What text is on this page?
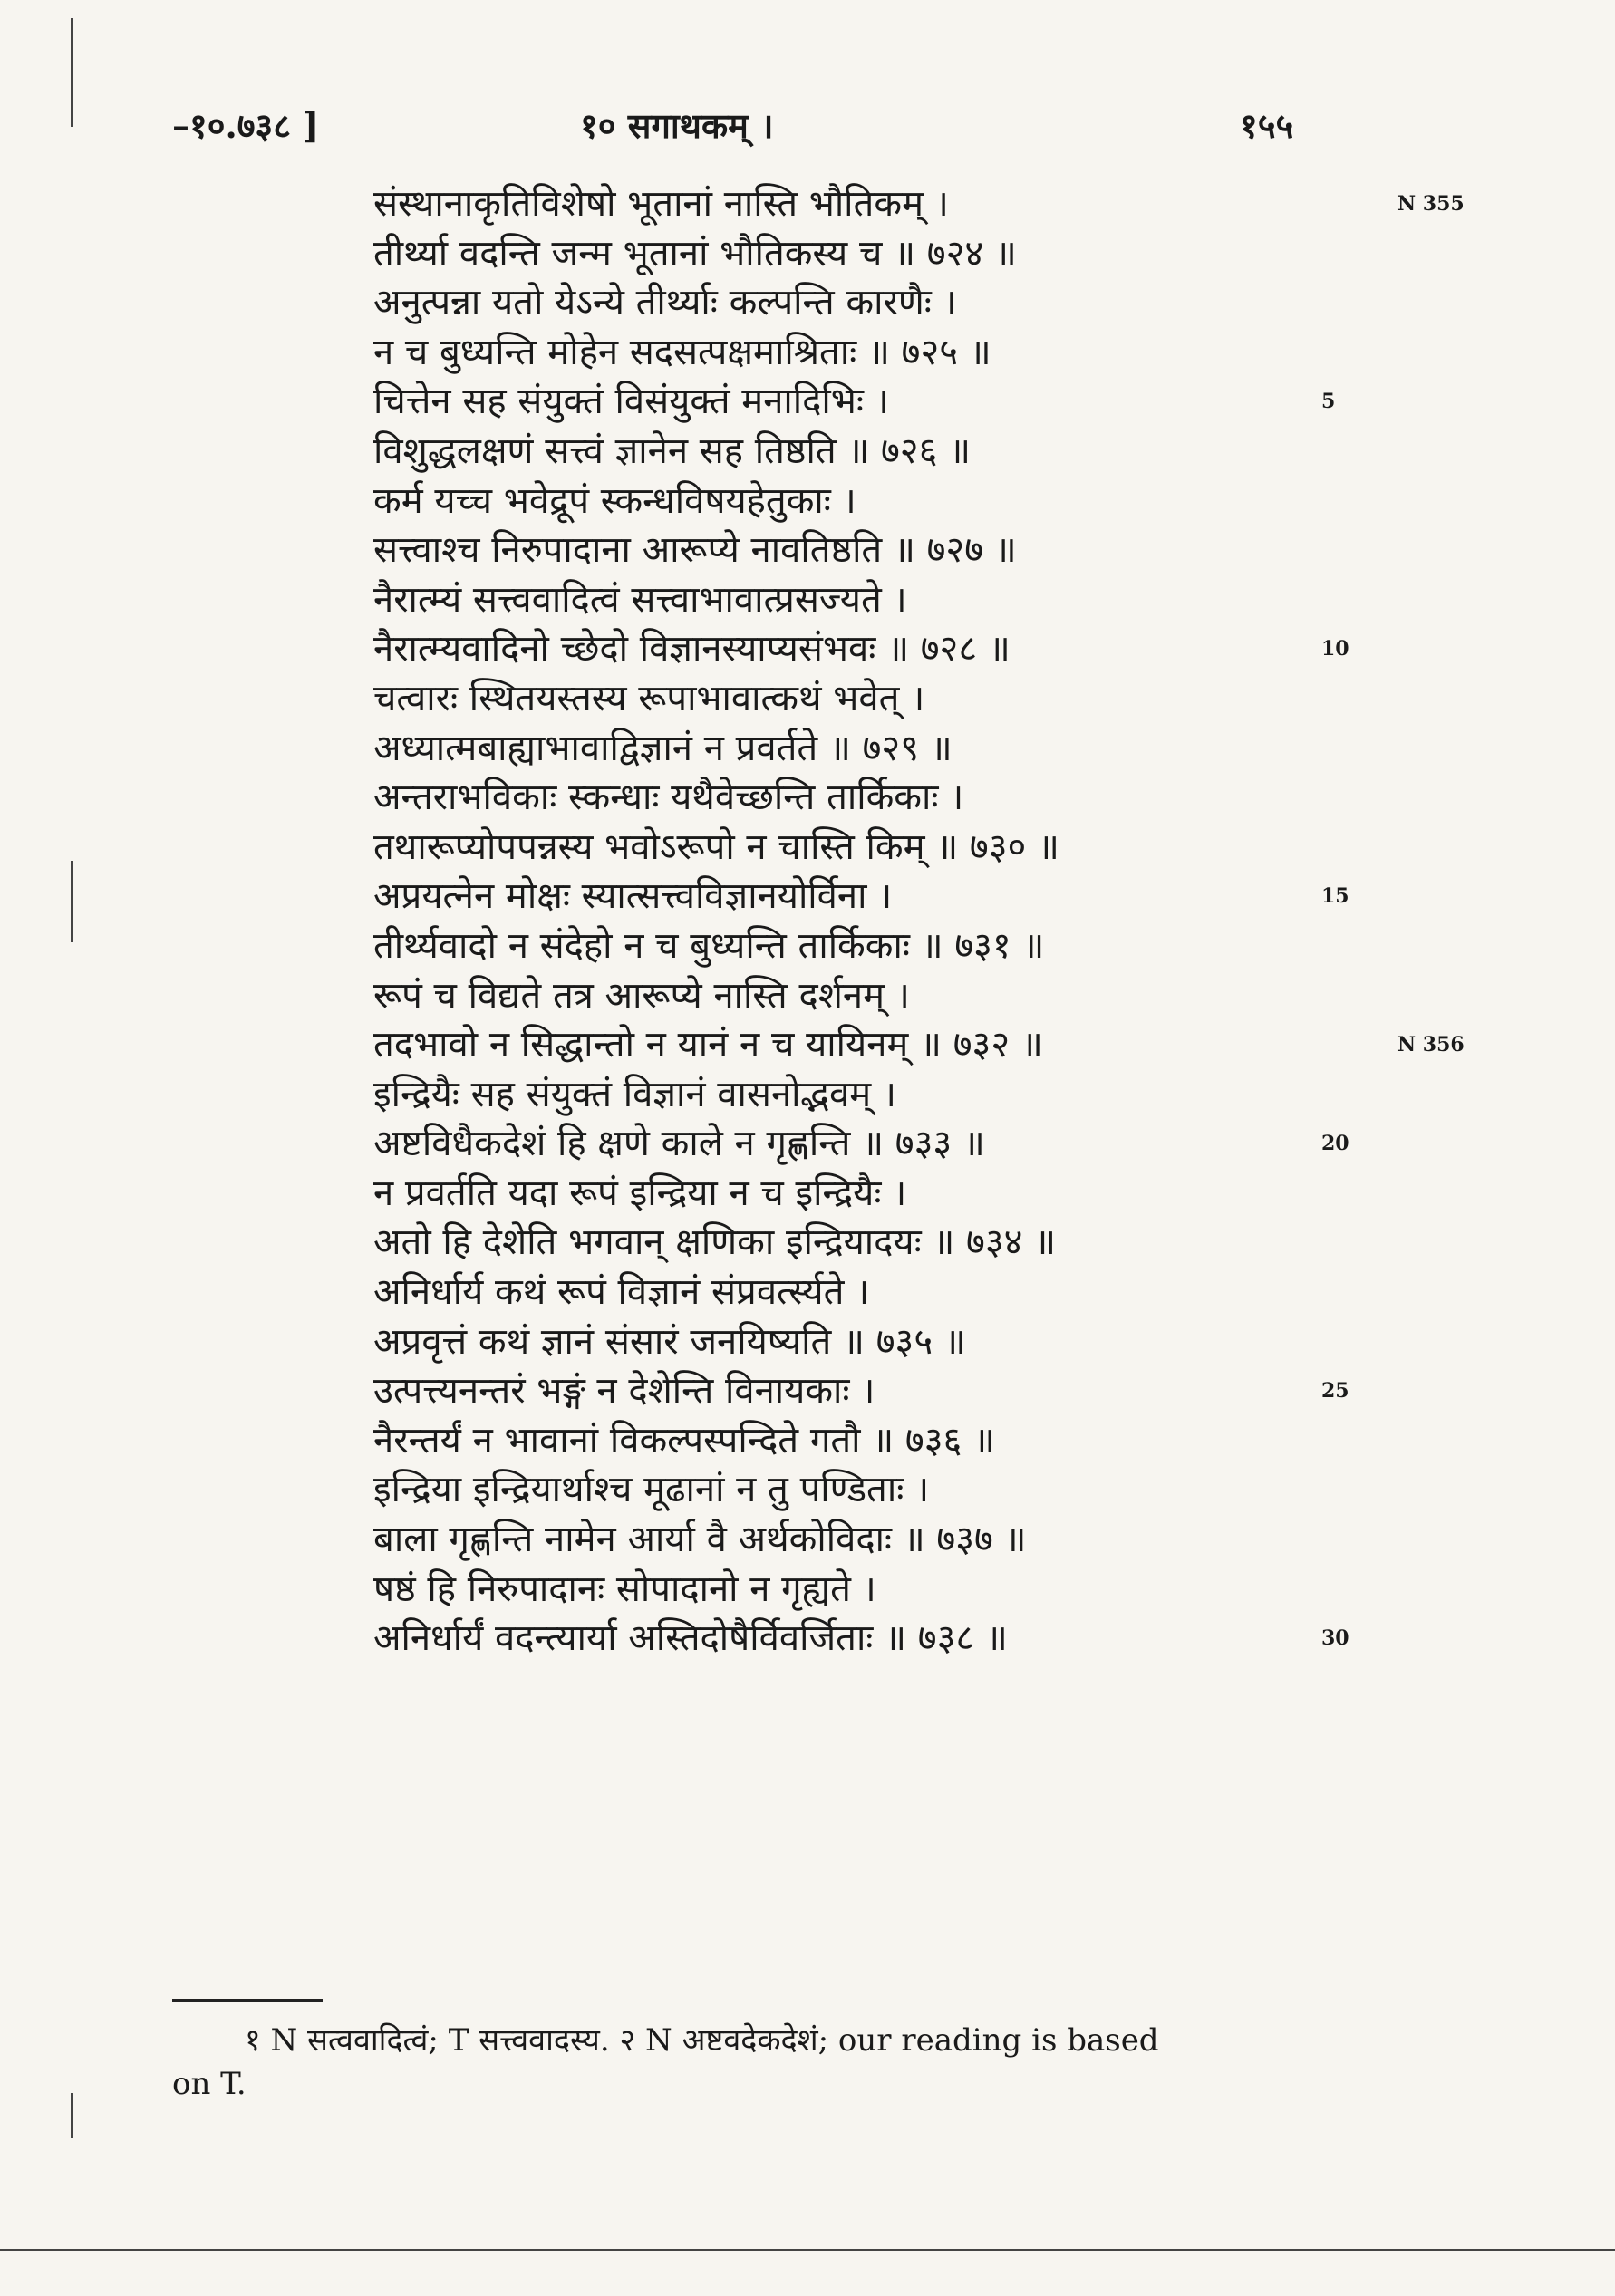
–१०.७३८ ]	१० सगाथकम् ।	१५५
संस्थानाकृतिविशेषो भूतानां नास्ति भौतिकम् ।	N 355
तीर्थ्या वदन्ति जन्म भूतानां भौतिकस्य च ॥ ७२४ ॥
अनुत्पन्ना यतो येऽन्ये तीर्थ्याः कल्पन्ति कारणैः ।
न च बुध्यन्ति मोहेन सदसत्पक्षमाश्रिताः ॥ ७२५ ॥
चित्तेन सह संयुक्तं विसंयुक्तं मनादिभिः ।	5
विशुद्धलक्षणं सत्त्वं ज्ञानेन सह तिष्ठति ॥ ७२६ ॥
कर्म यच्च भवेद्रूपं स्कन्धविषयहेतुकाः ।
सत्त्वाश्च निरुपादाना आरूप्ये नावतिष्ठति ॥ ७२७ ॥
नैरात्म्यं सत्त्ववादित्वं सत्त्वाभावात्प्रसज्यते ।
नैरात्म्यवादिनो च्छेदो विज्ञानस्याप्यसंभवः ॥ ७२८ ॥	10
चत्वारः स्थितयस्तस्य रूपाभावात्कथं भवेत् ।
अध्यात्मबाह्याभावाद्विज्ञानं न प्रवर्तते ॥ ७२९ ॥
अन्तराभविकाः स्कन्धाः यथैवेच्छन्ति तार्किकाः ।
तथारूप्योपपन्नस्य भवोऽरूपो न चास्ति किम् ॥ ७३० ॥
अप्रयत्नेन मोक्षः स्यात्सत्त्वविज्ञानयोर्विना ।	15
तीर्थ्यवादो न संदेहो न च बुध्यन्ति तार्किकाः ॥ ७३१ ॥
रूपं च विद्यते तत्र आरूप्ये नास्ति दर्शनम् ।
तदभावो न सिद्धान्तो न यानं न च यायिनम् ॥ ७३२ ॥	N 356
इन्द्रियैः सह संयुक्तं विज्ञानं वासनोद्भवम् ।
अष्टविधैकदेशं हि क्षणे काले न गृह्णन्ति ॥ ७३३ ॥	20
न प्रवर्तति यदा रूपं इन्द्रिया न च इन्द्रियैः ।
अतो हि देशेति भगवान् क्षणिका इन्द्रियादयः ॥ ७३४ ॥
अनिर्धार्य कथं रूपं विज्ञानं संप्रवर्त्स्यते ।
अप्रवृत्तं कथं ज्ञानं संसारं जनयिष्यति ॥ ७३५ ॥
उत्पत्त्यनन्तरं भङ्गं न देशेन्ति विनायकाः ।	25
नैरन्तर्यं न भावानां विकल्पस्पन्दिते गतौ ॥ ७३६ ॥
इन्द्रिया इन्द्रियार्थाश्च मूढानां न तु पण्डिताः ।
बाला गृह्णन्ति नामेन आर्या वै अर्थकोविदाः ॥ ७३७ ॥
षष्ठं हि निरुपादानः सोपादानो न गृह्यते ।
अनिर्धार्यं वदन्त्यार्या अस्तिदोषैर्विवर्जिताः ॥ ७३८ ॥	30
१ N सत्ववादित्वं; T सत्त्ववादस्य. २ N अष्टवदेकदेशं; our reading is based
on T.
